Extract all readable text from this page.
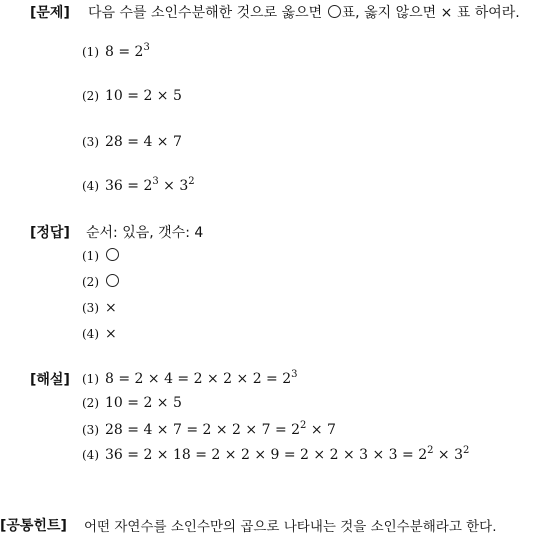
[문제] 다음 수를 소인수분해한 것으로 옳으면 ○표, 옳지 않으면 × 표 하여라.
(1) $8 = 2^3$
(2) 10 = 2 × 5
(3) 28 = 4 × 7
(4) $36 = 2^3 \times 3^2$
[정답] 순서: 있음, 갯수: 4
(1)
(2)
(3) ×
(4) ×
[해설] (1) $8 = 2 \times 4 = 2 \times 2 \times 2 = 2^3$
(2) 10 = 2 × 5
(3) $28 = 4 \times 7 = 2 \times 2 \times 7 = 2^2 \times 7$
(4) $36 = 2 \times 18 = 2 \times 2 \times 9 = 2 \times 2 \times 3 \times 3 = 2^2 \times 3^2$
[공통힌트] 어떤 자연수를 소인수만의 곱으로 나타내는 것을 소인수분해라고 한다.
